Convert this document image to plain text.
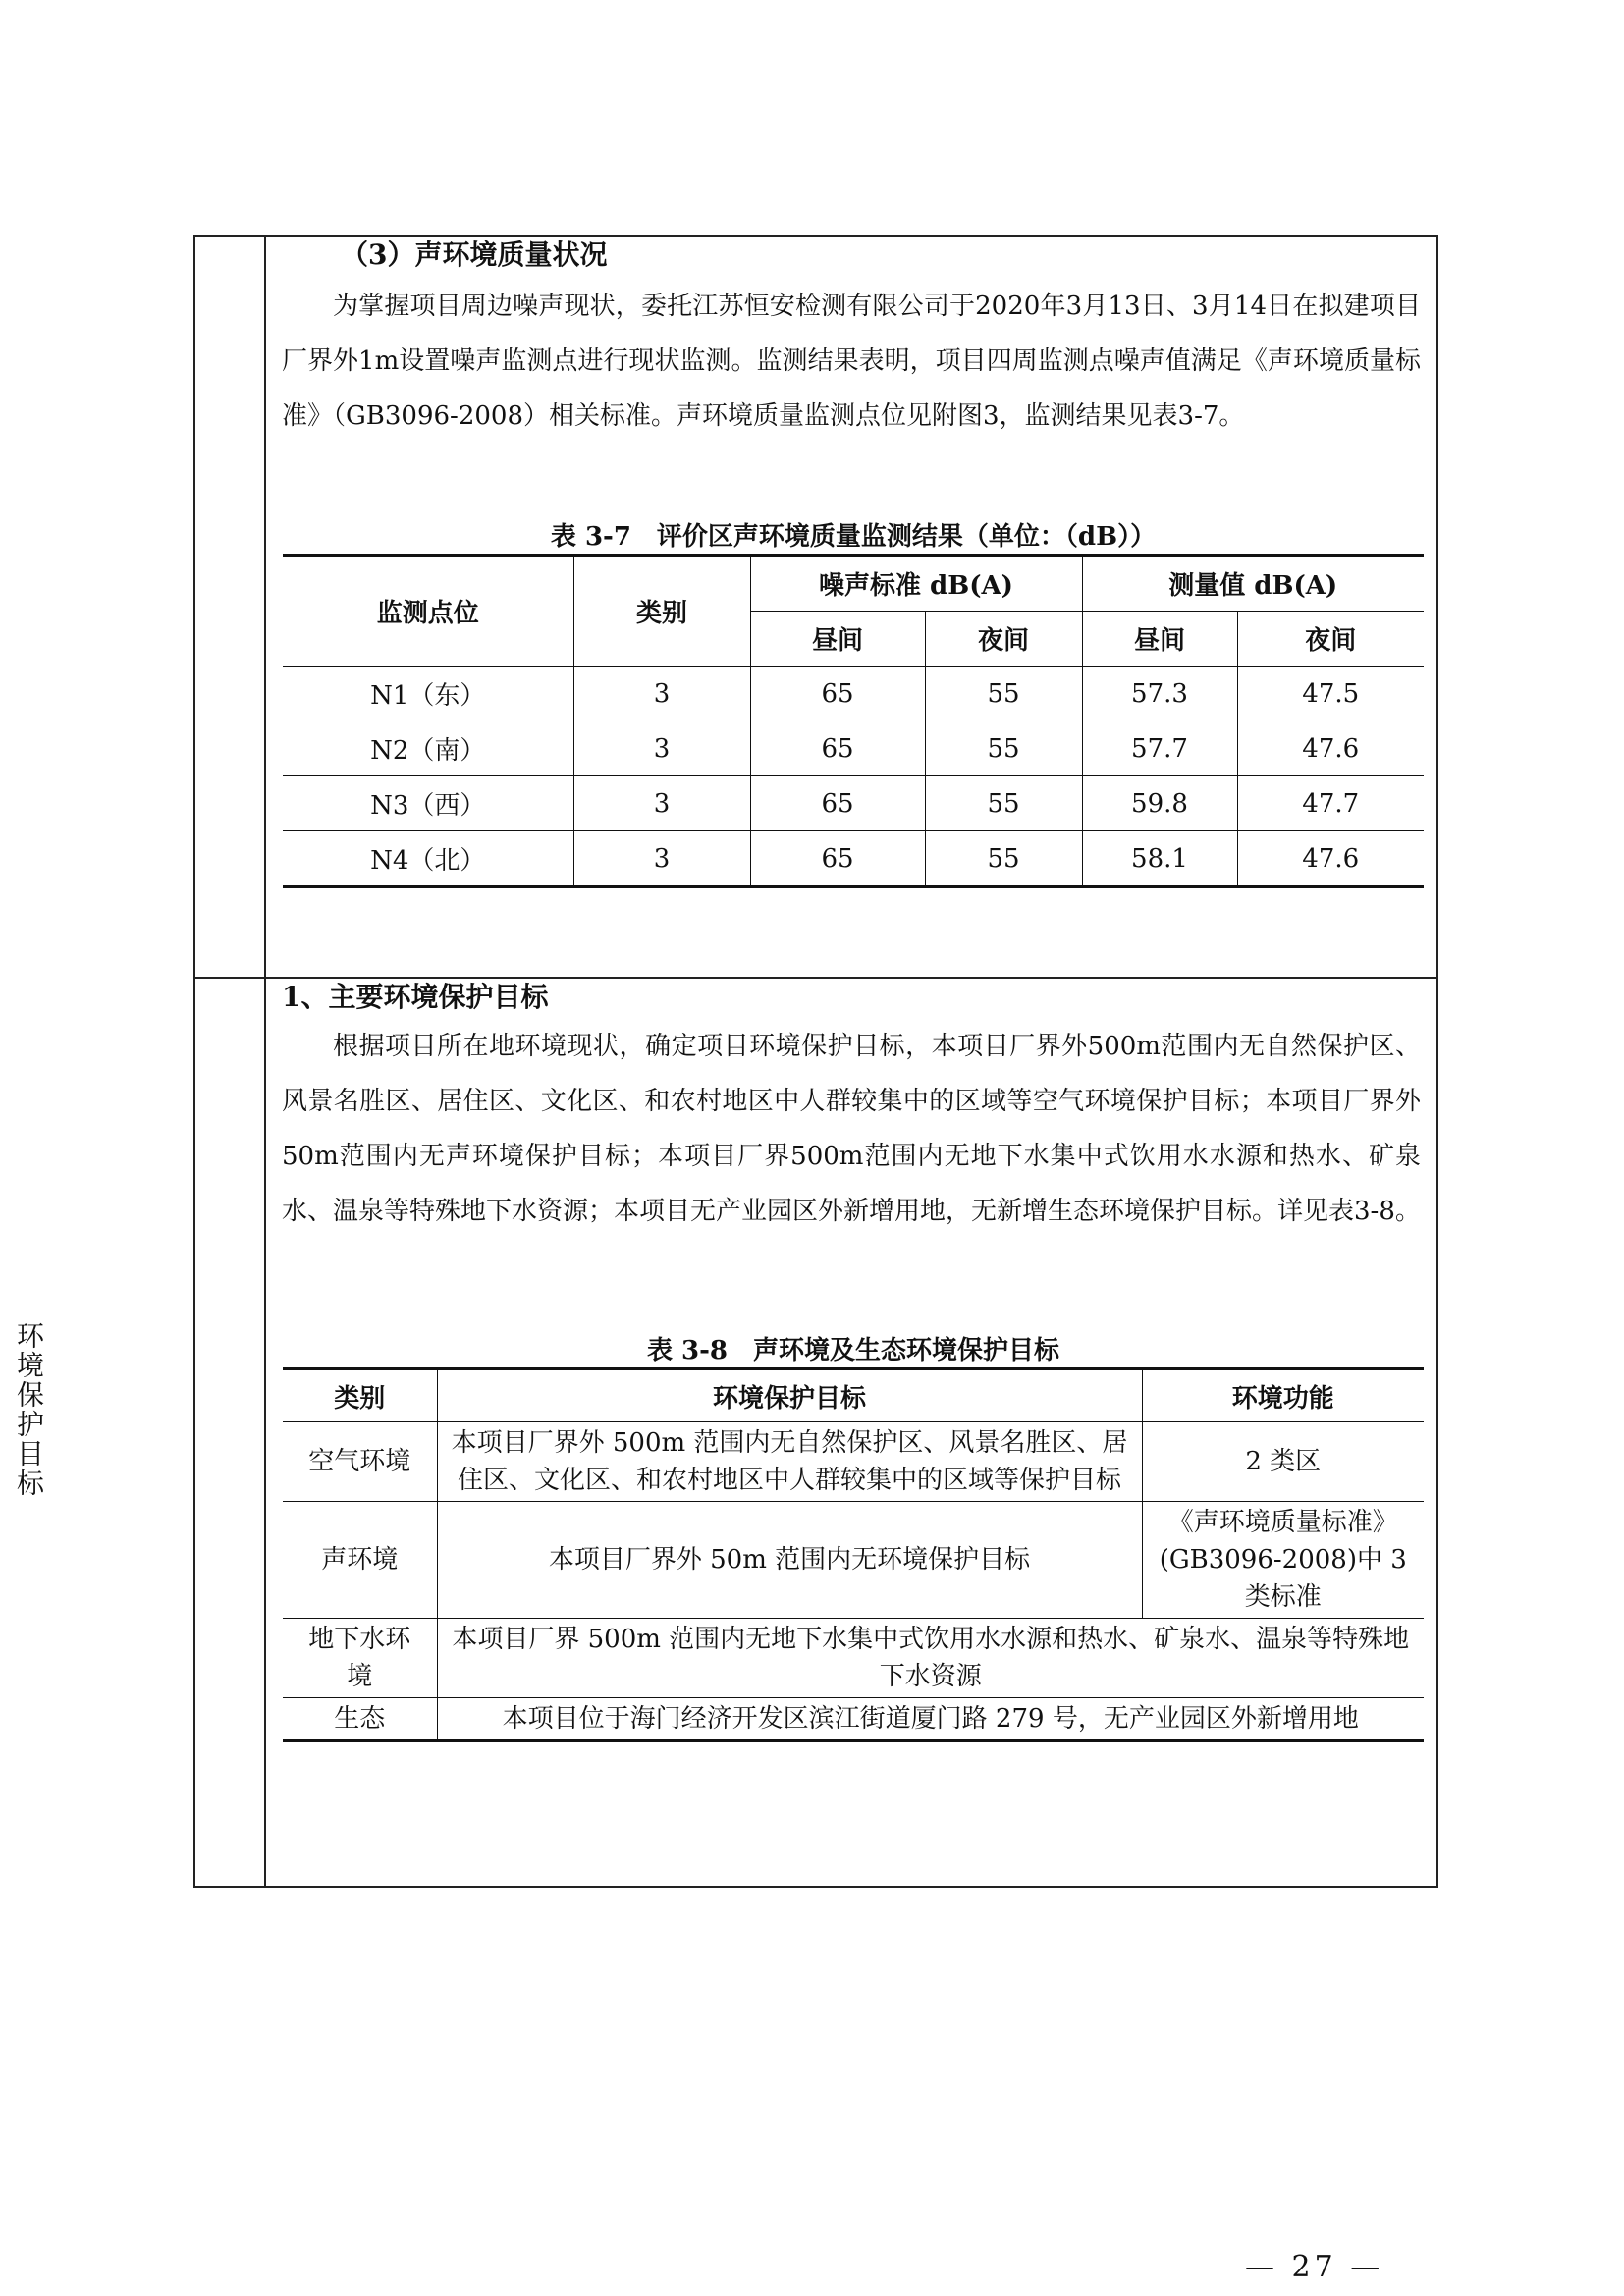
环境保护目标
（3）声环境质量状况
为掌握项目周边噪声现状，委托江苏恒安检测有限公司于2020年3月13日、3月14日在拟建项目厂界外1m设置噪声监测点进行现状监测。监测结果表明，项目四周监测点噪声值满足《声环境质量标准》（GB3096-2008）相关标准。声环境质量监测点位见附图3，监测结果见表3-7。
表 3-7　评价区声环境质量监测结果（单位：（dB））
监测点位	类别	噪声标准 dB(A)		测量值 dB(A)	
		昼间	夜间	昼间	夜间
N1（东）	3	65	55	57.3	47.5
N2（南）	3	65	55	57.7	47.6
N3（西）	3	65	55	59.8	47.7
N4（北）	3	65	55	58.1	47.6
1、主要环境保护目标
根据项目所在地环境现状，确定项目环境保护目标，本项目厂界外500m范围内无自然保护区、风景名胜区、居住区、文化区、和农村地区中人群较集中的区域等空气环境保护目标；本项目厂界外50m范围内无声环境保护目标；本项目厂界500m范围内无地下水集中式饮用水水源和热水、矿泉水、温泉等特殊地下水资源；本项目无产业园区外新增用地，无新增生态环境保护目标。详见表3-8。
表 3-8　声环境及生态环境保护目标
类别	环境保护目标	环境功能
空气环境	本项目厂界外 500m 范围内无自然保护区、风景名胜区、居住区、文化区、和农村地区中人群较集中的区域等保护目标	2 类区
声环境	本项目厂界外 50m 范围内无环境保护目标	《声环境质量标准》(GB3096-2008)中 3 类标准
地下水环境	本项目厂界 500m 范围内无地下水集中式饮用水水源和热水、矿泉水、温泉等特殊地下水资源	
生态	本项目位于海门经济开发区滨江街道厦门路 279 号，无产业园区外新增用地	
— 27 —
